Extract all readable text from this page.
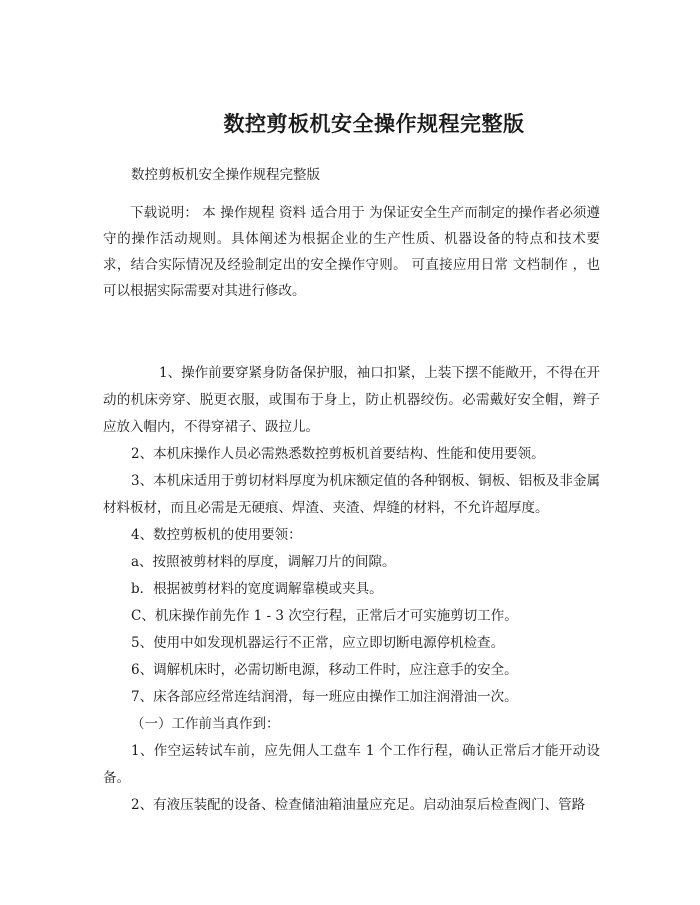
数控剪板机安全操作规程完整版
数控剪板机安全操作规程完整版

下载说明： 本 操作规程 资料 适合用于 为保证安全生产而制定的操作者必须遵守的操作活动规则。具体阐述为根据企业的生产性质、机器设备的特点和技术要求，结合实际情况及经验制定出的安全操作守则。 可直接应用日常 文档制作 ，也可以根据实际需要对其进行修改。

1、操作前要穿紧身防备保护服，袖口扣紧，上装下摆不能敞开，不得在开动的机床旁穿、脱更衣服，或围布于身上，防止机器绞伤。必需戴好安全帽，辫子应放入帽内，不得穿裙子、趿拉儿。

2、本机床操作人员必需熟悉数控剪板机首要结构、性能和使用要领。

3、本机床适用于剪切材料厚度为机床额定值的各种钢板、铜板、铝板及非金属材料板材，而且必需是无硬痕、焊渣、夹渣、焊缝的材料，不允许超厚度。

4、数控剪板机的使用要领：

a、按照被剪材料的厚度，调解刀片的间隙。

b．根据被剪材料的宽度调解靠模或夹具。

C、机床操作前先作 1 - 3 次空行程，正常后才可实施剪切工作。

5、使用中如发现机器运行不正常，应立即切断电源停机检查。

6、调解机床时，必需切断电源，移动工件时，应注意手的安全。

7、床各部应经常连结润滑，每一班应由操作工加注润滑油一次。

（一）工作前当真作到：

1、作空运转试车前，应先佣人工盘车 1 个工作行程，确认正常后才能开动设备。

2、有液压装配的设备、检查储油箱油量应充足。启动油泵后检查阀门、管路
